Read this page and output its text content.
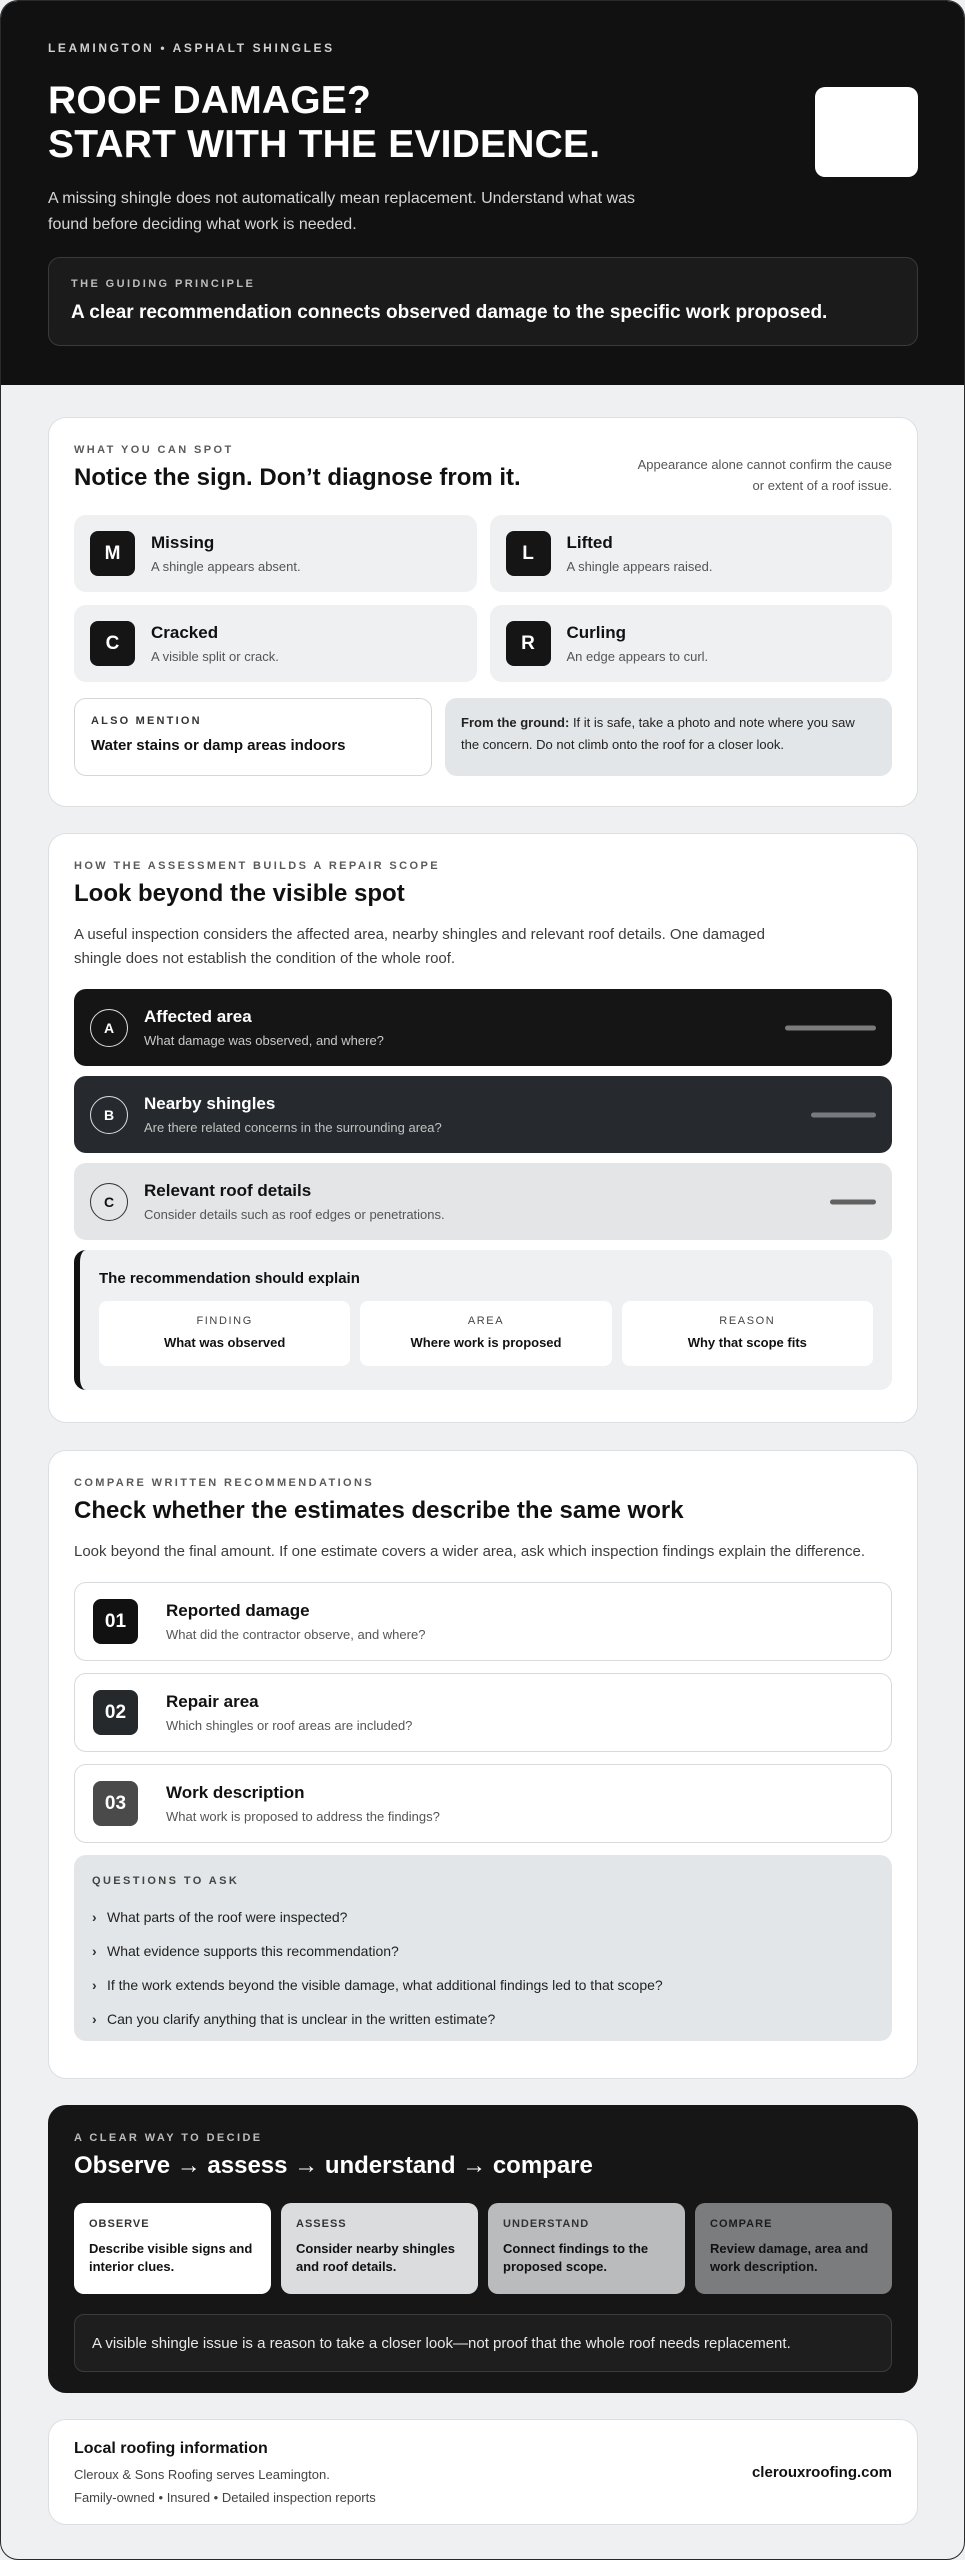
LEAMINGTON • ASPHALT SHINGLES
ROOF DAMAGE?
START WITH THE EVIDENCE.

A missing shingle does not automatically mean replacement. Understand what was found before deciding what work is needed.

THE GUIDING PRINCIPLE
A clear recommendation connects observed damage to the specific work proposed.
WHAT YOU CAN SPOT
Notice the sign. Don’t diagnose from it.	Appearance alone cannot confirm the cause or extent of a roof issue.
M	Missing
A shingle appears absent.
L	Lifted
A shingle appears raised.
C	Cracked
A visible split or crack.
R	Curling
An edge appears to curl.
ALSO MENTION
Water stains or damp areas indoors
From the ground: If it is safe, take a photo and note where you saw the concern. Do not climb onto the roof for a closer look.
HOW THE ASSESSMENT BUILDS A REPAIR SCOPE
Look beyond the visible spot

A useful inspection considers the affected area, nearby shingles and relevant roof details. One damaged shingle does not establish the condition of the whole roof.

A
Affected area
What damage was observed, and where?
B
Nearby shingles
Are there related concerns in the surrounding area?
C
Relevant roof details
Consider details such as roof edges or penetrations.
The recommendation should explain
FINDING
What was observed
AREA
Where work is proposed
REASON
Why that scope fits
COMPARE WRITTEN RECOMMENDATIONS
Check whether the estimates describe the same work

Look beyond the final amount. If one estimate covers a wider area, ask which inspection findings explain the difference.

01	Reported damage
What did the contractor observe, and where?
02	Repair area
Which shingles or roof areas are included?
03	Work description
What work is proposed to address the findings?
QUESTIONS TO ASK
› What parts of the roof were inspected?
› What evidence supports this recommendation?
› If the work extends beyond the visible damage, what additional findings led to that scope?
› Can you clarify anything that is unclear in the written estimate?
A CLEAR WAY TO DECIDE
Observe → assess → understand → compare
OBSERVE
Describe visible signs and interior clues.
ASSESS
Consider nearby shingles and roof details.
UNDERSTAND
Connect findings to the proposed scope.
COMPARE
Review damage, area and work description.
A visible shingle issue is a reason to take a closer look—not proof that the whole roof needs replacement.
Local roofing information
Cleroux & Sons Roofing serves Leamington.
Family-owned • Insured • Detailed inspection reports
clerouxroofing.com
